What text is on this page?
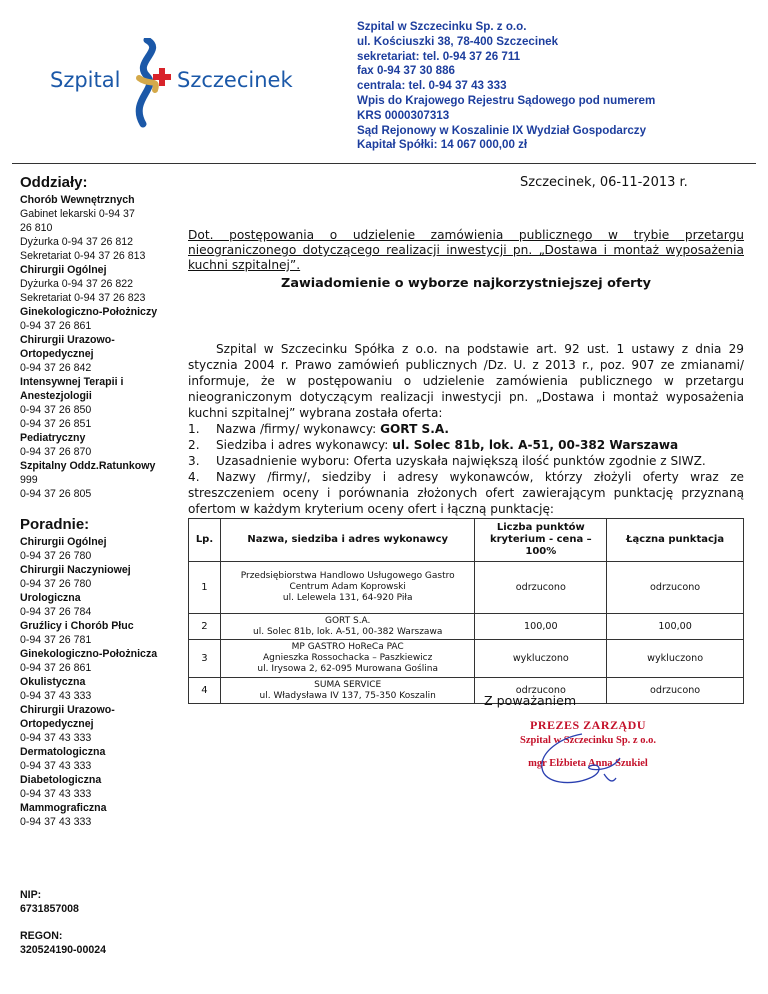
Szpital	Szczecinek
Szpital w Szczecinku Sp. z o.o.
ul. Kościuszki 38, 78-400 Szczecinek
sekretariat: tel. 0-94 37 26 711
fax 0-94 37 30 886
centrala: tel. 0-94 37 43 333
Wpis do Krajowego Rejestru Sądowego pod numerem
KRS 0000307313
Sąd Rejonowy w Koszalinie IX Wydział Gospodarczy
Kapitał Spółki: 14 067 000,00 zł
Oddziały:
Chorób Wewnętrznych
Gabinet lekarski 0-94 37
26 810
Dyżurka 0-94 37 26 812
Sekretariat 0-94 37 26 813
Chirurgii Ogólnej
Dyżurka 0-94 37 26 822
Sekretariat 0-94 37 26 823
Ginekologiczno-Położniczy
0-94 37 26 861
Chirurgii Urazowo-
Ortopedycznej
0-94 37 26 842
Intensywnej Terapii i
Anestezjologii
0-94 37 26 850
0-94 37 26 851
Pediatryczny
0-94 37 26 870
Szpitalny Oddz.Ratunkowy
999
0-94 37 26 805
Poradnie:
Chirurgii Ogólnej
0-94 37 26 780
Chirurgii Naczyniowej
0-94 37 26 780
Urologiczna
0-94 37 26 784
Gruźlicy i Chorób Płuc
0-94 37 26 781
Ginekologiczno-Położnicza
0-94 37 26 861
Okulistyczna
0-94 37 43 333
Chirurgii Urazowo-
Ortopedycznej
0-94 37 43 333
Dermatologiczna
0-94 37 43 333
Diabetologiczna
0-94 37 43 333
Mammograficzna
0-94 37 43 333
NIP:
6731857008
REGON:
320524190-00024
Szczecinek, 06-11-2013 r.
Dot. postępowania o udzielenie zamówienia publicznego w trybie przetargu nieograniczonego dotyczącego realizacji inwestycji pn. „Dostawa i montaż wyposażenia kuchni szpitalnej”.
Zawiadomienie o wyborze najkorzystniejszej oferty

Szpital w Szczecinku Spółka z o.o. na podstawie art. 92 ust. 1 ustawy z dnia 29 stycznia 2004 r. Prawo zamówień publicznych /Dz. U. z 2013 r., poz. 907 ze zmianami/ informuje, że w postępowaniu o udzielenie zamówienia publicznego w przetargu nieograniczonym dotyczącym realizacji inwestycji pn. „Dostawa i montaż wyposażenia kuchni szpitalnej” wybrana została oferta:

1.	Nazwa /firmy/ wykonawcy: GORT S.A.
2.	Siedziba i adres wykonawcy: ul. Solec 81b, lok. A-51, 00-382 Warszawa
3.	Uzasadnienie wyboru: Oferta uzyskała największą ilość punktów zgodnie z SIWZ.

4. Nazwy /firmy/, siedziby i adresy wykonawców, którzy złożyli oferty wraz ze streszczeniem oceny i porównania złożonych ofert zawierającym punktację przyznaną ofertom w każdym kryterium oceny ofert i łączną punktację:

Lp.	Nazwa, siedziba i adres wykonawcy	Liczba punktów
kryterium - cena –
100%	Łączna punktacja
1	Przedsiębiorstwa Handlowo Usługowego Gastro
Centrum Adam Koprowski
ul. Lelewela 131, 64-920 Piła	odrzucono	odrzucono
2	GORT S.A.
ul. Solec 81b, lok. A-51, 00-382 Warszawa	100,00	100,00
3	MP GASTRO HoReCa PAC
Agnieszka Rossochacka – Paszkiewicz
ul. Irysowa 2, 62-095 Murowana Goślina	wykluczono	wykluczono
4	SUMA SERVICE
ul. Władysława IV 137, 75-350 Koszalin	odrzucono	odrzucono
Z poważaniem
PREZES ZARZĄDU
Szpital w Szczecinku Sp. z o.o.
mgr Elżbieta Anna Szukiel
